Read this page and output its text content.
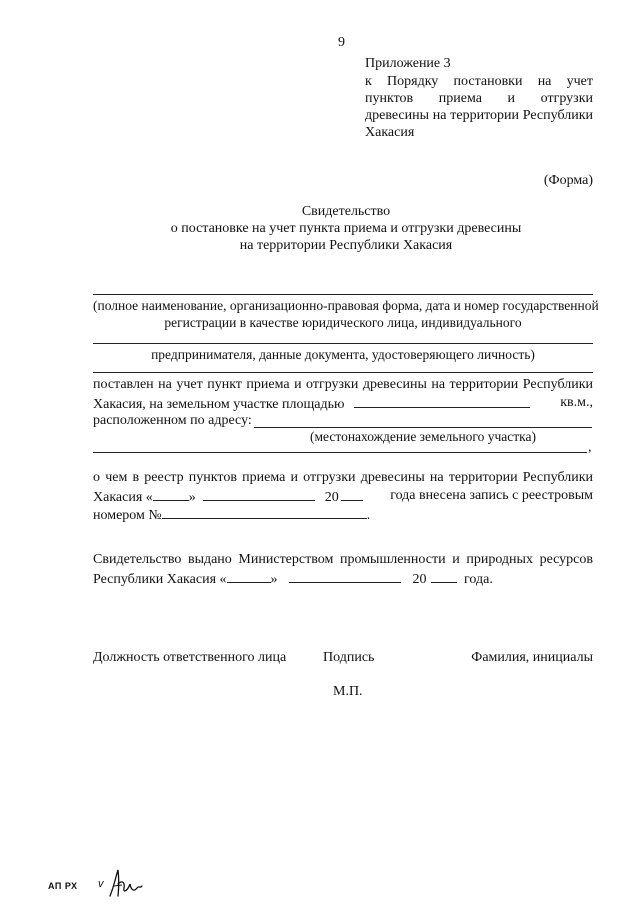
9
Приложение 3
к Порядку постановки на учет
пунктов приема и отгрузки
древесины на территории Республики
Хакасия
(Форма)
Свидетельство
о постановке на учет пункта приема и отгрузки древесины
на территории Республики Хакасия
(полное наименование, организационно-правовая форма, дата и номер государственной
регистрации в качестве юридического лица, индивидуального
предпринимателя, данные документа, удостоверяющего личность)
поставлен на учет пункт приема и отгрузки древесины на территории Республики
Хакасия, на земельном участке площадью	кв.м.,
расположенном по адресу:
(местонахождение земельного участка)
,
о чем в реестр пунктов приема и отгрузки древесины на территории Республики
Хакасия «	»	20	года внесена запись с реестровым
номером №	.
Свидетельство выдано Министерством промышленности и природных ресурсов
Республики Хакасия «	»	20	года.
Должность ответственного лица	Подпись	Фамилия, инициалы
М.П.
АП РХ v
